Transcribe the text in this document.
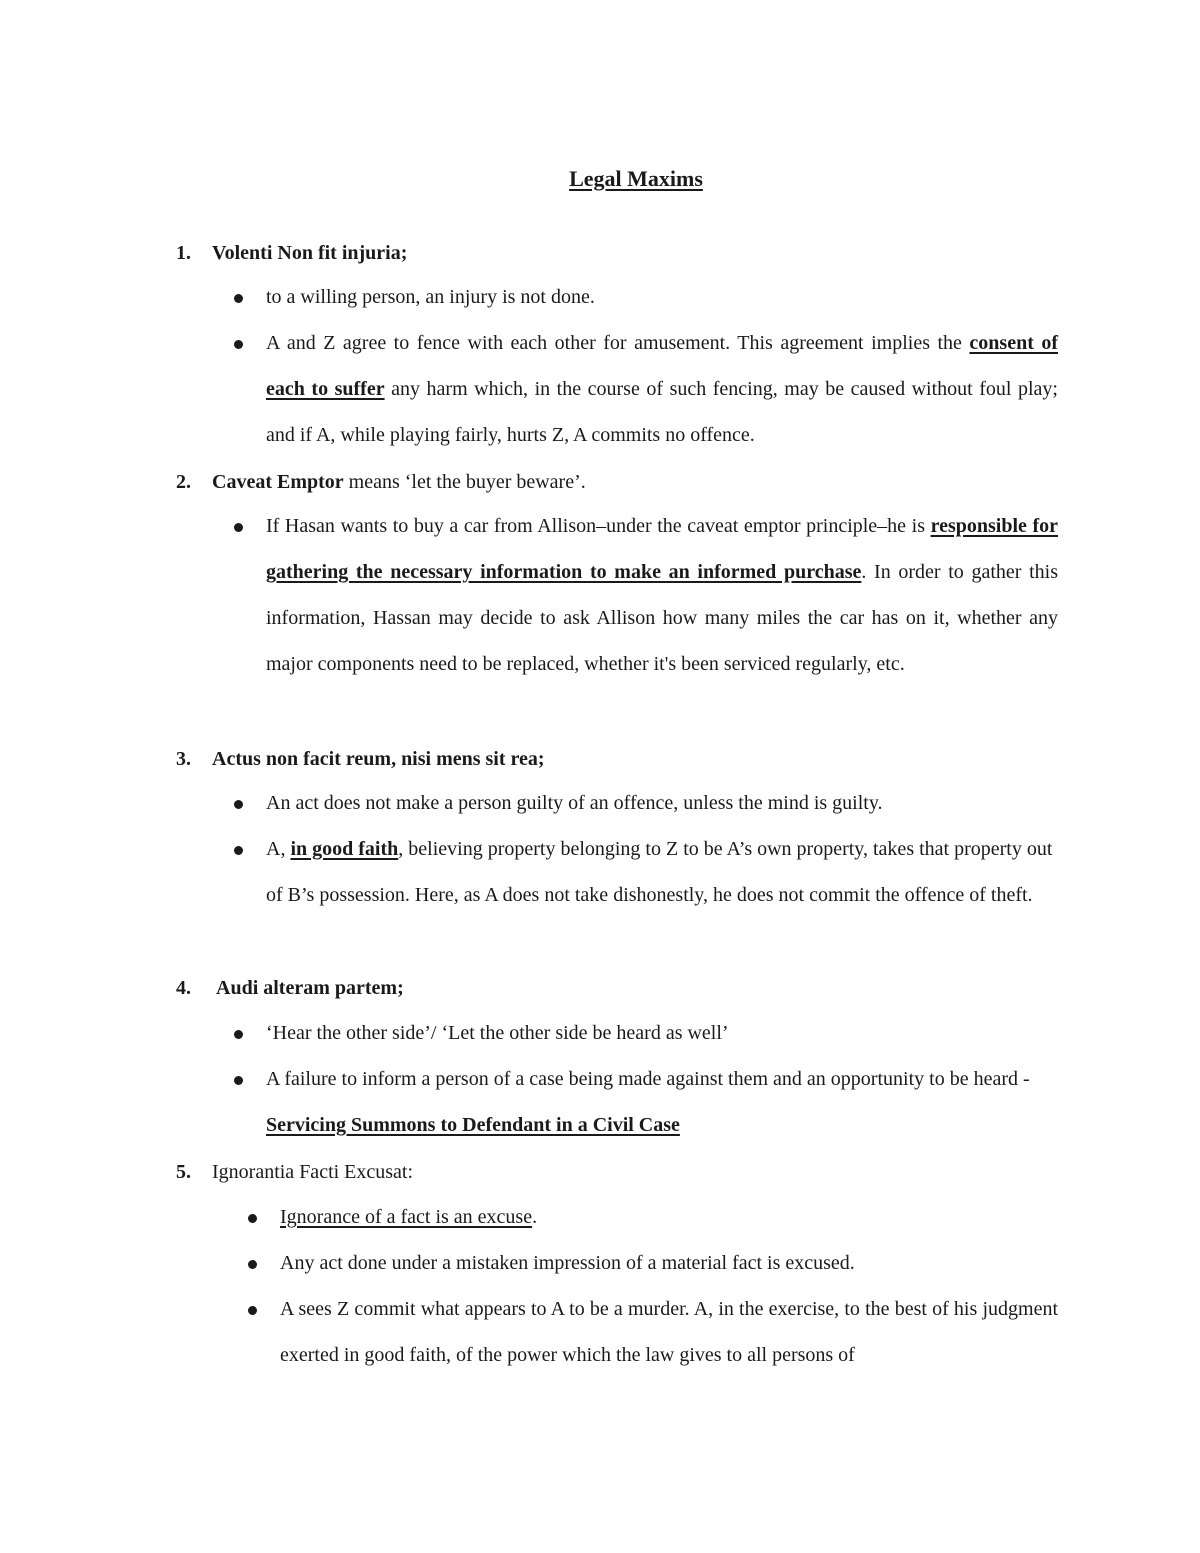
Legal Maxims
1. Volenti Non fit injuria;
to a willing person, an injury is not done.
A and Z agree to fence with each other for amusement. This agreement implies the consent of each to suffer any harm which, in the course of such fencing, may be caused without foul play; and if A, while playing fairly, hurts Z, A commits no offence.
2. Caveat Emptor means ‘let the buyer beware’.
If Hasan wants to buy a car from Allison–under the caveat emptor principle–he is responsible for gathering the necessary information to make an informed purchase. In order to gather this information, Hassan may decide to ask Allison how many miles the car has on it, whether any major components need to be replaced, whether it's been serviced regularly, etc.
3. Actus non facit reum, nisi mens sit rea;
An act does not make a person guilty of an offence, unless the mind is guilty.
A, in good faith, believing property belonging to Z to be A’s own property, takes that property out of B’s possession. Here, as A does not take dishonestly, he does not commit the offence of theft.
4. Audi alteram partem;
‘Hear the other side’/ ‘Let the other side be heard as well’
A failure to inform a person of a case being made against them and an opportunity to be heard - Servicing Summons to Defendant in a Civil Case
5. Ignorantia Facti Excusat:
Ignorance of a fact is an excuse.
Any act done under a mistaken impression of a material fact is excused.
A sees Z commit what appears to A to be a murder. A, in the exercise, to the best of his judgment exerted in good faith, of the power which the law gives to all persons of
